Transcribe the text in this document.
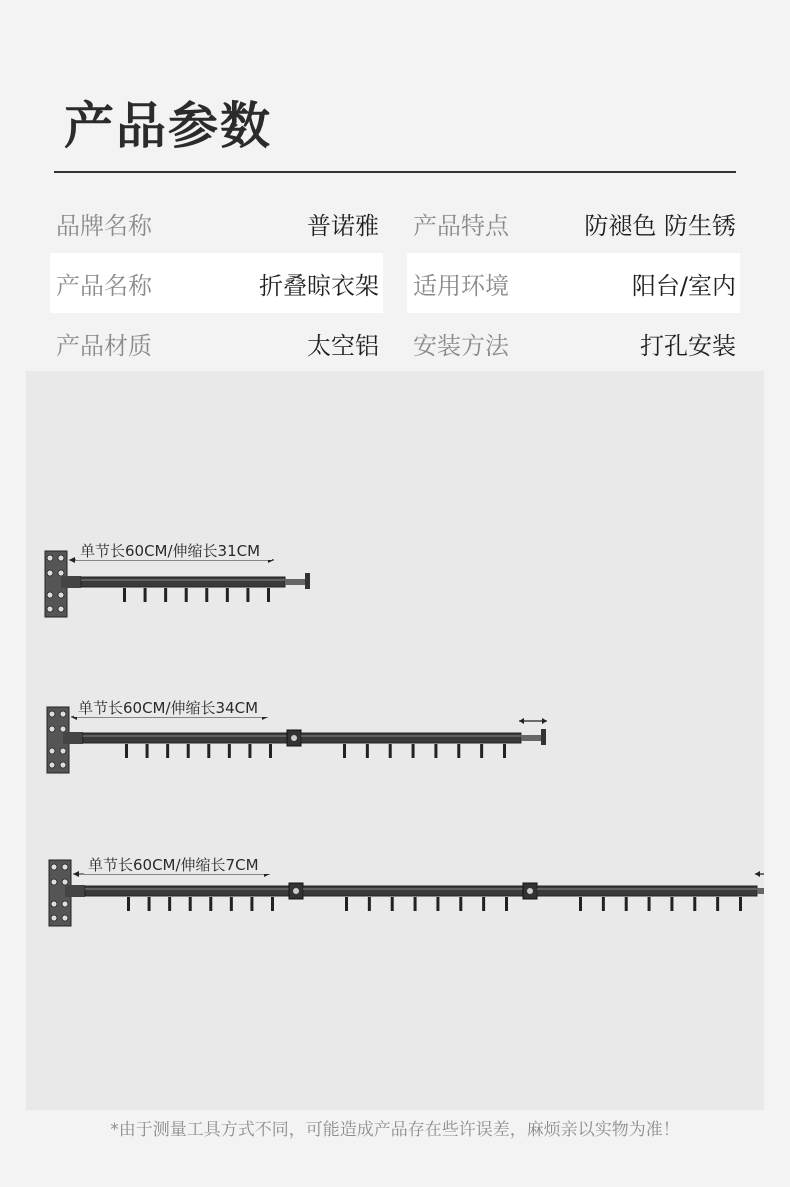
产品参数
品牌名称	普诺雅 产品特点	防褪色 防生锈
产品名称	折叠晾衣架 适用环境	阳台/室内
产品材质	太空铝 安装方法	打孔安装
单节长60CM/伸缩长31CM
单节长60CM/伸缩长34CM
单节长60CM/伸缩长7CM
*由于测量工具方式不同，可能造成产品存在些许误差，麻烦亲以实物为准！
